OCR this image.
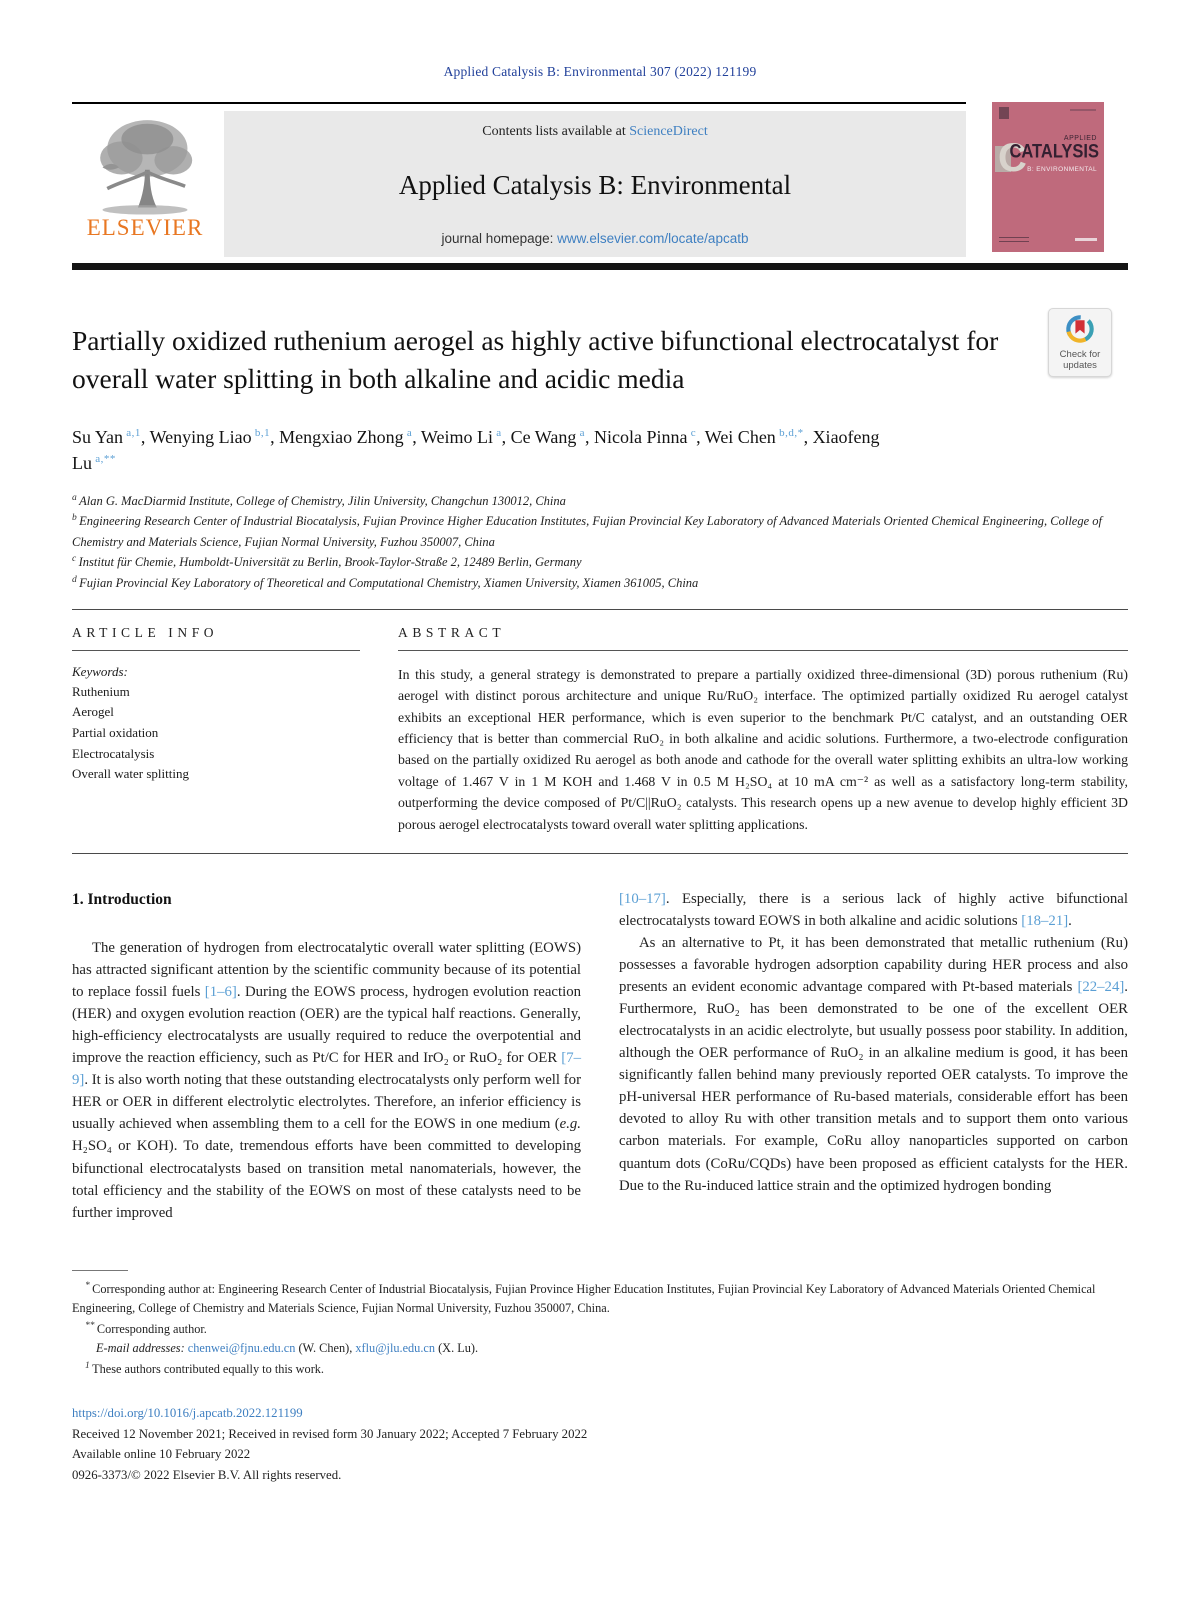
Applied Catalysis B: Environmental 307 (2022) 121199
ELSEVIER
Contents lists available at ScienceDirect
Applied Catalysis B: Environmental
journal homepage: www.elsevier.com/locate/apcatb
C	APPLIED
CATALYSIS
B: ENVIRONMENTAL
Partially oxidized ruthenium aerogel as highly active bifunctional electrocatalyst for overall water splitting in both alkaline and acidic media
Check for
updates
Su Yan $^{a,1}$, Wenying Liao $^{b,1}$, Mengxiao Zhong $^a$, Weimo Li $^a$, Ce Wang $^a$, Nicola Pinna $^c$, Wei Chen $^{b,d,*}$, Xiaofeng Lu $^{a,**}$
$^a$ Alan G. MacDiarmid Institute, College of Chemistry, Jilin University, Changchun 130012, China
$^b$ Engineering Research Center of Industrial Biocatalysis, Fujian Province Higher Education Institutes, Fujian Provincial Key Laboratory of Advanced Materials Oriented Chemical Engineering, College of Chemistry and Materials Science, Fujian Normal University, Fuzhou 350007, China
$^c$ Institut für Chemie, Humboldt-Universität zu Berlin, Brook-Taylor-Straße 2, 12489 Berlin, Germany
$^d$ Fujian Provincial Key Laboratory of Theoretical and Computational Chemistry, Xiamen University, Xiamen 361005, China
ARTICLE INFO
Keywords:
Ruthenium
Aerogel
Partial oxidation
Electrocatalysis
Overall water splitting
ABSTRACT

In this study, a general strategy is demonstrated to prepare a partially oxidized three-dimensional (3D) porous ruthenium (Ru) aerogel with distinct porous architecture and unique Ru/RuO₂ interface. The optimized partially oxidized Ru aerogel catalyst exhibits an exceptional HER performance, which is even superior to the benchmark Pt/C catalyst, and an outstanding OER efficiency that is better than commercial RuO₂ in both alkaline and acidic solutions. Furthermore, a two-electrode configuration based on the partially oxidized Ru aerogel as both anode and cathode for the overall water splitting exhibits an ultra-low working voltage of 1.467 V in 1 M KOH and 1.468 V in 0.5 M H₂SO₄ at 10 mA cm⁻² as well as a satisfactory long-term stability, outperforming the device composed of Pt/C||RuO₂ catalysts. This research opens up a new avenue to develop highly efficient 3D porous aerogel electrocatalysts toward overall water splitting applications.

1. Introduction

The generation of hydrogen from electrocatalytic overall water splitting (EOWS) has attracted significant attention by the scientific community because of its potential to replace fossil fuels [1–6]. During the EOWS process, hydrogen evolution reaction (HER) and oxygen evolution reaction (OER) are the typical half reactions. Generally, high-efficiency electrocatalysts are usually required to reduce the overpotential and improve the reaction efficiency, such as Pt/C for HER and IrO₂ or RuO₂ for OER [7–9]. It is also worth noting that these outstanding electrocatalysts only perform well for HER or OER in different electrolytic electrolytes. Therefore, an inferior efficiency is usually achieved when assembling them to a cell for the EOWS in one medium (e.g. H₂SO₄ or KOH). To date, tremendous efforts have been committed to developing bifunctional electrocatalysts based on transition metal nanomaterials, however, the total efficiency and the stability of the EOWS on most of these catalysts need to be further improved

[10–17]. Especially, there is a serious lack of highly active bifunctional electrocatalysts toward EOWS in both alkaline and acidic solutions [18–21].

As an alternative to Pt, it has been demonstrated that metallic ruthenium (Ru) possesses a favorable hydrogen adsorption capability during HER process and also presents an evident economic advantage compared with Pt-based materials [22–24]. Furthermore, RuO₂ has been demonstrated to be one of the excellent OER electrocatalysts in an acidic electrolyte, but usually possess poor stability. In addition, although the OER performance of RuO₂ in an alkaline medium is good, it has been significantly fallen behind many previously reported OER catalysts. To improve the pH-universal HER performance of Ru-based materials, considerable effort has been devoted to alloy Ru with other transition metals and to support them onto various carbon materials. For example, CoRu alloy nanoparticles supported on carbon quantum dots (CoRu/CQDs) have been proposed as efficient catalysts for the HER. Due to the Ru-induced lattice strain and the optimized hydrogen bonding

* Corresponding author at: Engineering Research Center of Industrial Biocatalysis, Fujian Province Higher Education Institutes, Fujian Provincial Key Laboratory of Advanced Materials Oriented Chemical Engineering, College of Chemistry and Materials Science, Fujian Normal University, Fuzhou 350007, China.

** Corresponding author.

E-mail addresses: chenwei@fjnu.edu.cn (W. Chen), xflu@jlu.edu.cn (X. Lu).

$^1$ These authors contributed equally to this work.

https://doi.org/10.1016/j.apcatb.2022.121199
Received 12 November 2021; Received in revised form 30 January 2022; Accepted 7 February 2022
Available online 10 February 2022
0926-3373/© 2022 Elsevier B.V. All rights reserved.
